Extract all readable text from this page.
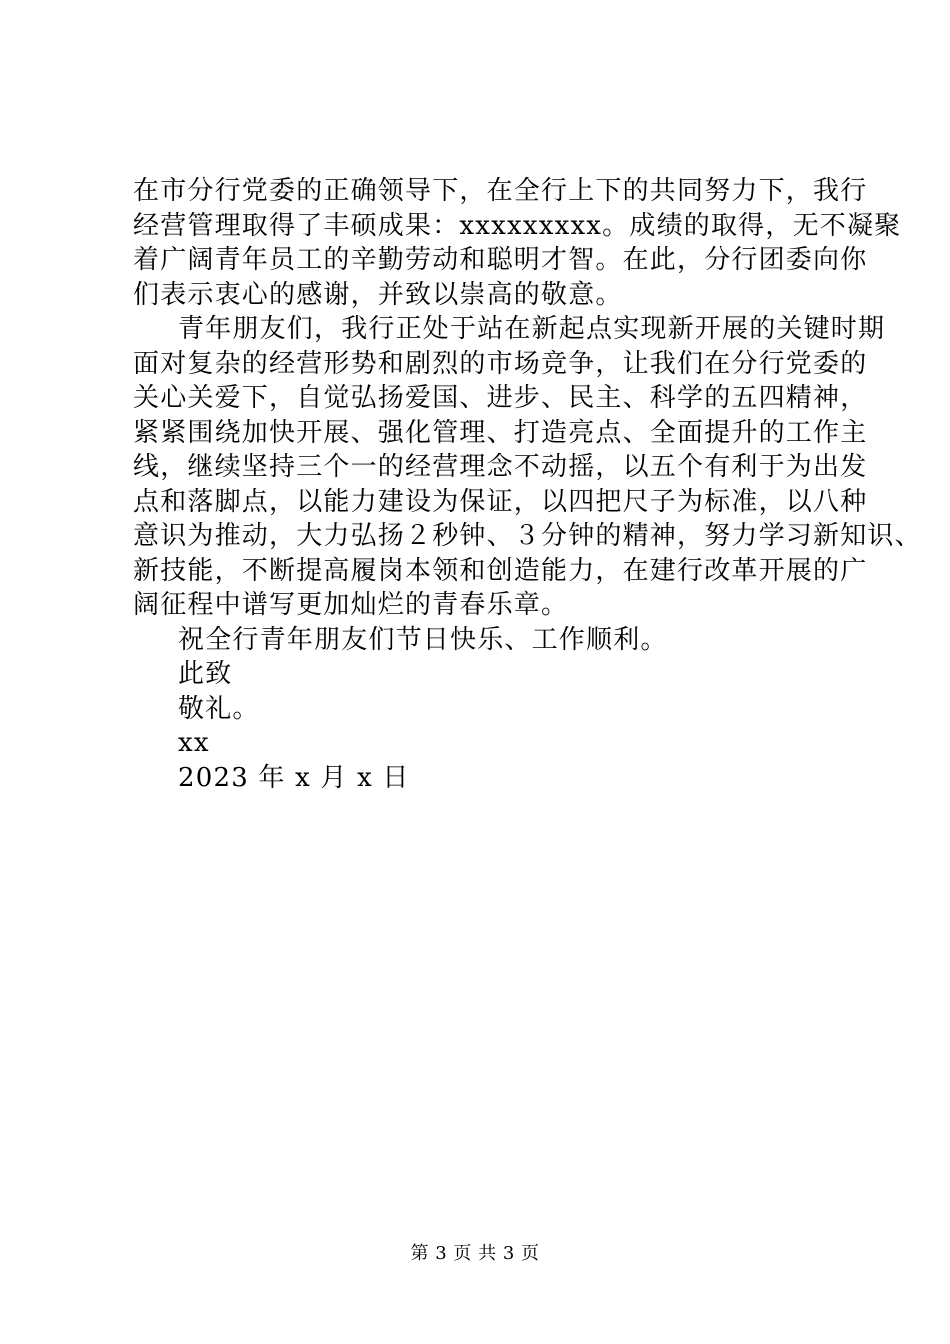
在市分行党委的正确领导下，在全行上下的共同努力下，我行
经营管理取得了丰硕成果：xxxxxxxxx。成绩的取得，无不凝聚
着广阔青年员工的辛勤劳动和聪明才智。在此，分行团委向你
们表示衷心的感谢，并致以崇高的敬意。
青年朋友们，我行正处于站在新起点实现新开展的关键时期
面对复杂的经营形势和剧烈的市场竞争，让我们在分行党委的
关心关爱下，自觉弘扬爱国、进步、民主、科学的五四精神，
紧紧围绕加快开展、强化管理、打造亮点、全面提升的工作主
线，继续坚持三个一的经营理念不动摇，以五个有利于为出发
点和落脚点，以能力建设为保证，以四把尺子为标准，以八种
意识为推动，大力弘扬２秒钟、３分钟的精神，努力学习新知识、
新技能，不断提高履岗本领和创造能力，在建行改革开展的广
阔征程中谱写更加灿烂的青春乐章。
祝全行青年朋友们节日快乐、工作顺利。
此致
敬礼。
xx
2023 年 x 月 x 日
第 3 页 共 3 页
